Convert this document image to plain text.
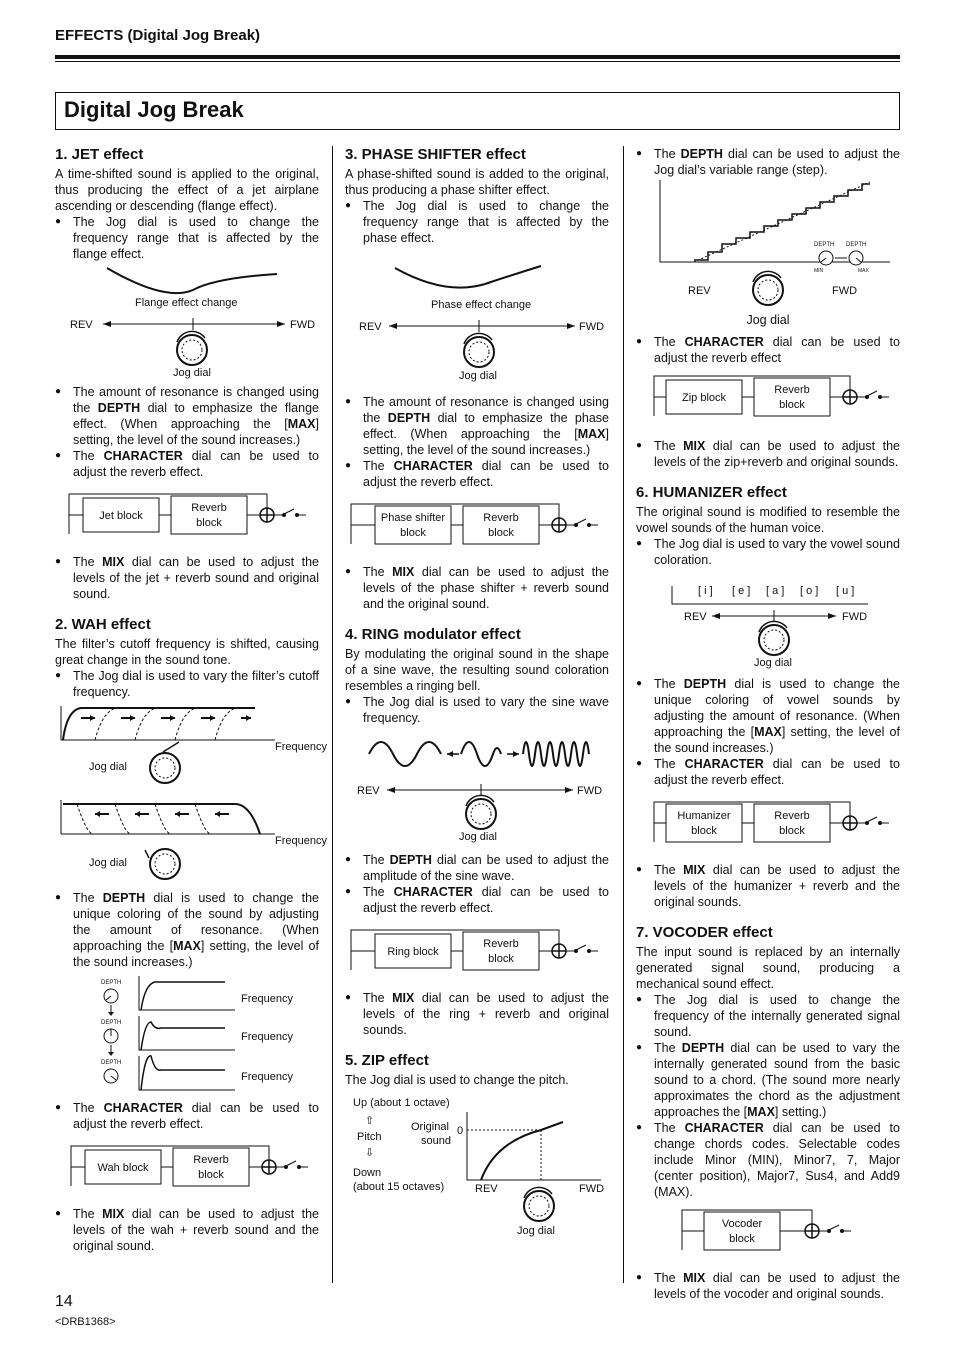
EFFECTS (Digital Jog Break)
Digital Jog Break
1. JET effect

A time-shifted sound is applied to the original, thus producing the effect of a jet airplane ascending or descending (flange effect).

● The Jog dial is used to change the frequency range that is affected by the flange effect.
Flange effect change
REV	FWD
Jog dial
● The amount of resonance is changed using the DEPTH dial to emphasize the flange effect. (When approaching the [MAX] setting, the level of the sound increases.)
● The CHARACTER dial can be used to adjust the reverb effect.
Jet block
Reverb
block
● The MIX dial can be used to adjust the levels of the jet + reverb sound and original sound.
2. WAH effect

The filter’s cutoff frequency is shifted, causing great change in the sound tone.

● The Jog dial is used to vary the filter’s cutoff frequency.
Frequency
Jog dial
Frequency
Jog dial
● The DEPTH dial is used to change the unique coloring of the sound by adjusting the amount of resonance. (When approaching the [MAX] setting, the level of the sound increases.)
DEPTH
DEPTH
DEPTH
Frequency
Frequency
Frequency
● The CHARACTER dial can be used to adjust the reverb effect.
Wah block
Reverb
block
● The MIX dial can be used to adjust the levels of the wah + reverb sound and the original sound.
3. PHASE SHIFTER effect

A phase-shifted sound is added to the original, thus producing a phase shifter effect.

● The Jog dial is used to change the frequency range that is affected by the phase effect.
Phase effect change
REV	FWD
Jog dial
● The amount of resonance is changed using the DEPTH dial to emphasize the phase effect. (When approaching the [MAX] setting, the level of the sound increases.)
● The CHARACTER dial can be used to adjust the reverb effect.
Phase shifter
block
Reverb
block
● The MIX dial can be used to adjust the levels of the phase shifter + reverb sound and the original sound.
4. RING modulator effect

By modulating the original sound in the shape of a sine wave, the resulting sound coloration resembles a ringing bell.

● The Jog dial is used to vary the sine wave frequency.
REV	FWD
Jog dial
● The DEPTH dial can be used to adjust the amplitude of the sine wave.
● The CHARACTER dial can be used to adjust the reverb effect.
Ring block
Reverb
block
● The MIX dial can be used to adjust the levels of the ring + reverb and original sounds.
5. ZIP effect

The Jog dial is used to change the pitch.

Up (about 1 octave)
⇧
Pitch
⇩
Down
(about 15 octaves)
Original
sound
0
REV	FWD
Jog dial
● The DEPTH dial can be used to adjust the Jog dial’s variable range (step).
DEPTH DEPTH
MIN	MAX
REV	FWD
Jog dial
● The CHARACTER dial can be used to adjust the reverb effect
Zip block
Reverb
block
● The MIX dial can be used to adjust the levels of the zip+reverb and original sounds.
6. HUMANIZER effect

The original sound is modified to resemble the vowel sounds of the human voice.

● The Jog dial is used to vary the vowel sound coloration.
[ i ] [ e ] [ a ] [ o ] [ u ]
REV	FWD
Jog dial
● The DEPTH dial is used to change the unique coloring of vowel sounds by adjusting the amount of resonance. (When approaching the [MAX] setting, the level of the sound increases.)
● The CHARACTER dial can be used to adjust the reverb effect.
Humanizer
block
Reverb
block
● The MIX dial can be used to adjust the levels of the humanizer + reverb and the original sounds.
7. VOCODER effect

The input sound is replaced by an internally generated signal sound, producing a mechanical sound effect.

● The Jog dial is used to change the frequency of the internally generated signal sound.
● The DEPTH dial can be used to vary the internally generated sound from the basic sound to a chord. (The sound more nearly approximates the chord as the adjustment approaches the [MAX] setting.)
● The CHARACTER dial can be used to change chords codes. Selectable codes include Minor (MIN), Minor7, 7, Major (center position), Major7, Sus4, and Add9 (MAX).
Vocoder
block
● The MIX dial can be used to adjust the levels of the vocoder and original sounds.
14
<DRB1368>
